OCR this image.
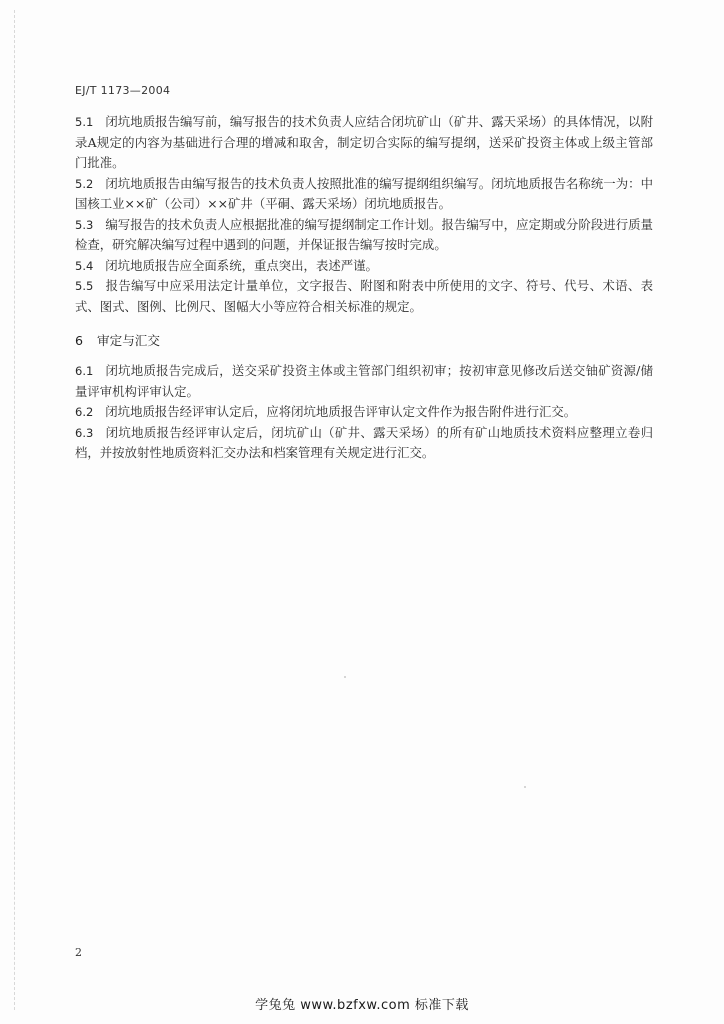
EJ/T 1173—2004

5.1 闭坑地质报告编写前，编写报告的技术负责人应结合闭坑矿山（矿井、露天采场）的具体情况，以附录A规定的内容为基础进行合理的增减和取舍，制定切合实际的编写提纲，送采矿投资主体或上级主管部门批准。

5.2 闭坑地质报告由编写报告的技术负责人按照批准的编写提纲组织编写。闭坑地质报告名称统一为：中国核工业××矿（公司）××矿井（平硐、露天采场）闭坑地质报告。

5.3 编写报告的技术负责人应根据批准的编写提纲制定工作计划。报告编写中，应定期或分阶段进行质量检查，研究解决编写过程中遇到的问题，并保证报告编写按时完成。

5.4 闭坑地质报告应全面系统，重点突出，表述严谨。

5.5 报告编写中应采用法定计量单位，文字报告、附图和附表中所使用的文字、符号、代号、术语、表式、图式、图例、比例尺、图幅大小等应符合相关标准的规定。

6 审定与汇交

6.1 闭坑地质报告完成后，送交采矿投资主体或主管部门组织初审；按初审意见修改后送交铀矿资源/储量评审机构评审认定。

6.2 闭坑地质报告经评审认定后，应将闭坑地质报告评审认定文件作为报告附件进行汇交。

6.3 闭坑地质报告经评审认定后，闭坑矿山（矿井、露天采场）的所有矿山地质技术资料应整理立卷归档，并按放射性地质资料汇交办法和档案管理有关规定进行汇交。

2
学兔兔 www.bzfxw.com 标准下载
